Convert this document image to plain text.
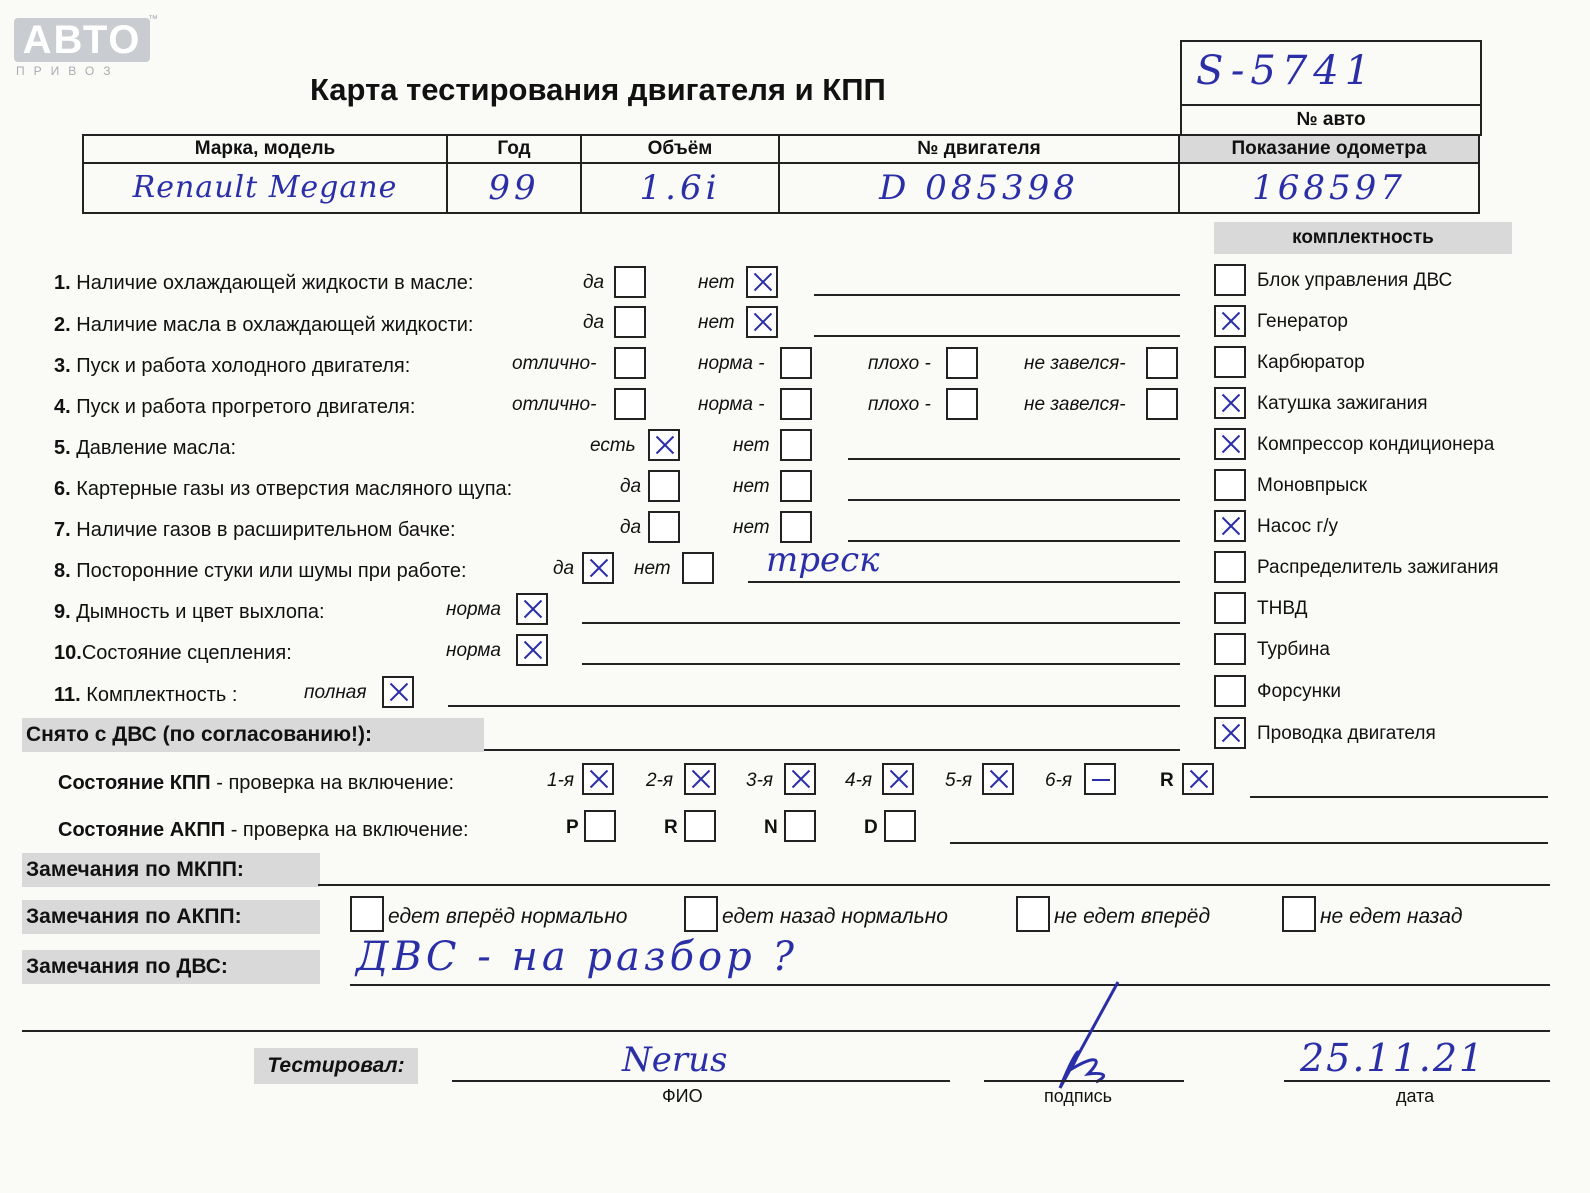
АВТО ™
ПРИВОЗ
Карта тестирования двигателя и КПП	S-5741
№ авто
Марка, модель	Год	Объём	№ двигателя	Показание одометра

Renault Megane	99	1.6i	D 085398	168597
комплектность
1. Наличие охлаждающей жидкости в масле:	да	нет
2. Наличие масла в охлаждающей жидкости:	да	нет
3. Пуск и работа холодного двигателя:	отлично-	норма -	плохо -	не завелся-
4. Пуск и работа прогретого двигателя:	отлично-	норма -	плохо -	не завелся-
5. Давление масла:	есть	нет
6. Картерные газы из отверстия масляного щупа:	да	нет
7. Наличие газов в расширительном бачке:	да	нет
8. Посторонние стуки или шумы при работе:	да	нет	треск
9. Дымность и цвет выхлопа:	норма
10.Состояние сцепления:	норма
11. Комплектность :	полная
Блок управления ДВС
Генератор
Карбюратор
Катушка зажигания
Компрессор кондиционера
Моновпрыск
Насос г/у
Распределитель зажигания
ТНВД
Турбина
Форсунки
Проводка двигателя
Снято с ДВС (по согласованию!):
Состояние КПП - проверка на включение:	1-я	2-я	3-я	4-я	5-я	6-я	R
Состояние АКПП - проверка на включение:	P	R	N	D
Замечания по МКПП:
Замечания по АКПП:	едет вперёд нормально	едет назад нормально	не едет вперёд	не едет назад
Замечания по ДВС:	ДВС - на разбор ?
Тестировал:	Nerus
ФИО	подпись
25.11.21
дата
